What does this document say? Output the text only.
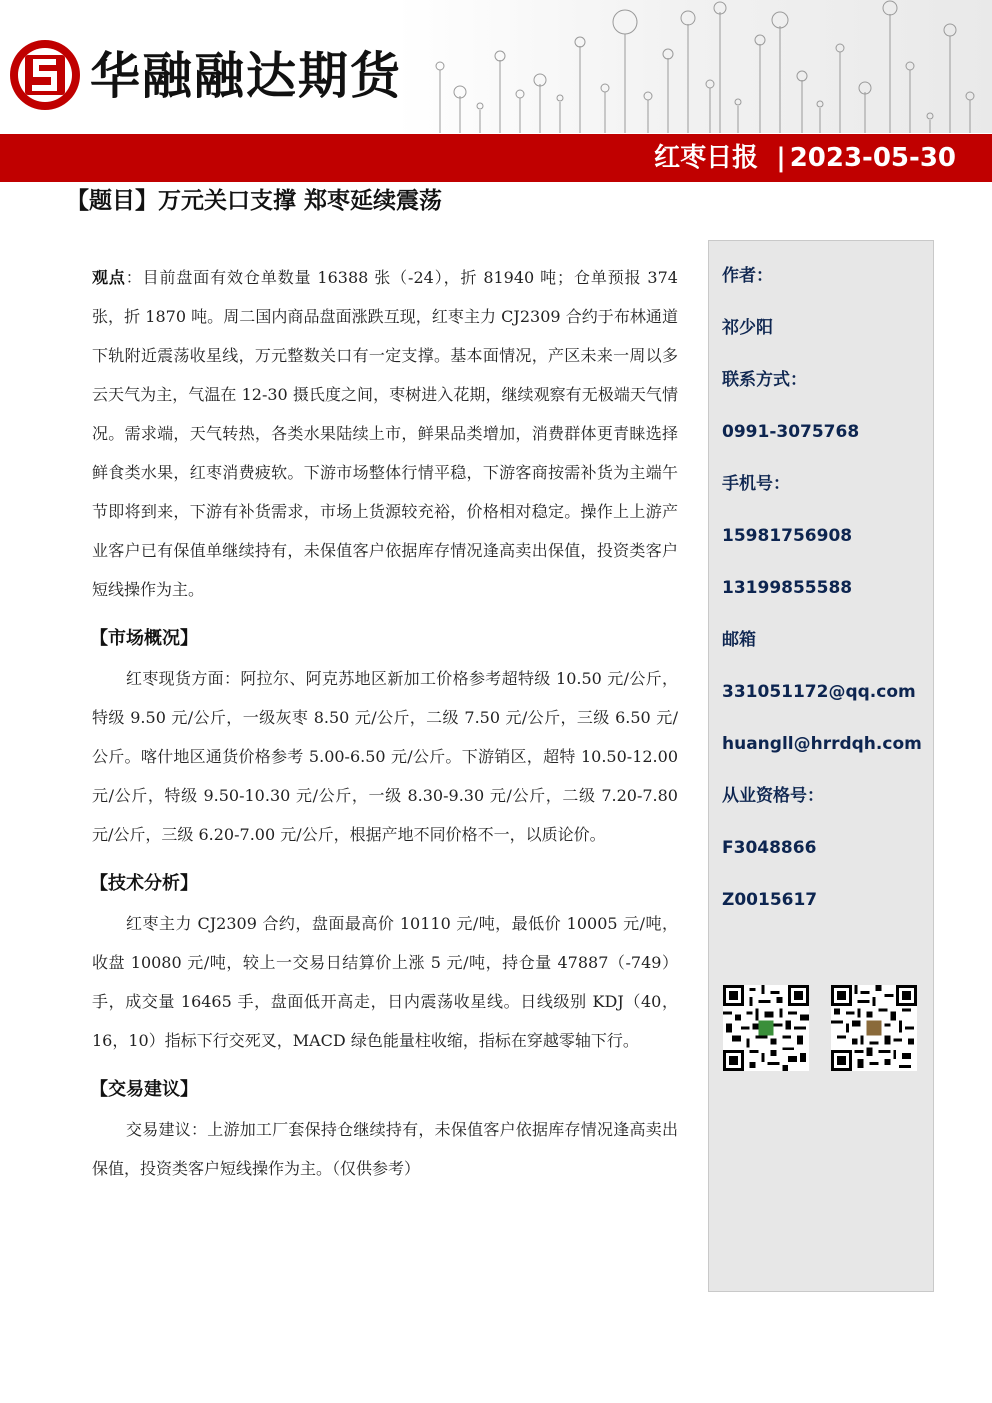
华融融达期货
红枣日报 | 2023-05-30
【题目】万元关口支撑 郑枣延续震荡

观点：目前盘面有效仓单数量 16388 张（-24），折 81940 吨；仓单预报 374 张，折 1870 吨。周二国内商品盘面涨跌互现，红枣主力 CJ2309 合约于布林通道下轨附近震荡收星线，万元整数关口有一定支撑。基本面情况，产区未来一周以多云天气为主，气温在 12-30 摄氏度之间，枣树进入花期，继续观察有无极端天气情况。需求端，天气转热，各类水果陆续上市，鲜果品类增加，消费群体更青睐选择鲜食类水果，红枣消费疲软。下游市场整体行情平稳，下游客商按需补货为主端午节即将到来，下游有补货需求，市场上货源较充裕，价格相对稳定。操作上上游产业客户已有保值单继续持有，未保值客户依据库存情况逢高卖出保值，投资类客户短线操作为主。

【市场概况】

红枣现货方面：阿拉尔、阿克苏地区新加工价格参考超特级 10.50 元/公斤，特级 9.50 元/公斤，一级灰枣 8.50 元/公斤，二级 7.50 元/公斤，三级 6.50 元/公斤。喀什地区通货价格参考 5.00-6.50 元/公斤。下游销区，超特 10.50-12.00 元/公斤，特级 9.50-10.30 元/公斤，一级 8.30-9.30 元/公斤，二级 7.20-7.80 元/公斤，三级 6.20-7.00 元/公斤，根据产地不同价格不一，以质论价。

【技术分析】

红枣主力 CJ2309 合约，盘面最高价 10110 元/吨，最低价 10005 元/吨，收盘 10080 元/吨，较上一交易日结算价上涨 5 元/吨，持仓量 47887（-749）手，成交量 16465 手，盘面低开高走，日内震荡收星线。日线级别 KDJ（40，16，10）指标下行交死叉，MACD 绿色能量柱收缩，指标在穿越零轴下行。

【交易建议】

交易建议：上游加工厂套保持仓继续持有，未保值客户依据库存情况逢高卖出保值，投资类客户短线操作为主。（仅供参考）

作者：
祁少阳
联系方式：
0991-3075768
手机号：
15981756908
13199855588
邮箱
331051172@qq.com
huangll@hrrdqh.com
从业资格号：
F3048866
Z0015617
